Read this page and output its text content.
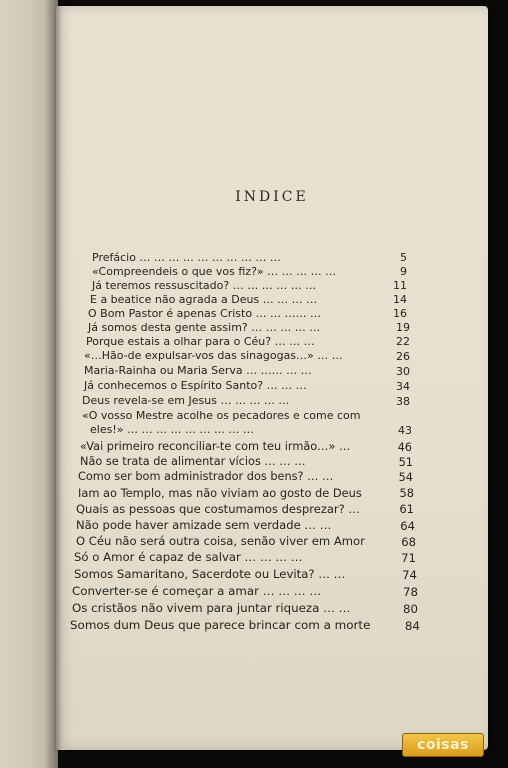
INDICE
Prefácio … … … … … … … … … …	5
«Compreendeis o que vos fiz?» … … … … …	9
Já teremos ressuscitado? … … … … … …	11
E a beatice não agrada a Deus … … … …	14
O Bom Pastor é apenas Cristo … … …… …	16
Já somos desta gente assim? … … … … …	19
Porque estais a olhar para o Céu? … … …	22
«…Hão-de expulsar-vos das sinagogas…» … …	26
Maria-Rainha ou Maria Serva … …… … …	30
Já conhecemos o Espírito Santo? … … …	34
Deus revela-se em Jesus … … … … …	38
«O vosso Mestre acolhe os pecadores e come com
eles!» … … … … … … … … …	43
«Vai primeiro reconciliar-te com teu irmão…» …	46
Não se trata de alimentar vícios … … …	51
Como ser bom administrador dos bens? … …	54
Iam ao Templo, mas não viviam ao gosto de Deus	58
Quais as pessoas que costumamos desprezar? …	61
Não pode haver amizade sem verdade … …	64
O Céu não será outra coisa, senão viver em Amor	68
Só o Amor é capaz de salvar … … … …	71
Somos Samaritano, Sacerdote ou Levita? … …	74
Converter-se é começar a amar … … … …	78
Os cristãos não vivem para juntar riqueza … …	80
Somos dum Deus que parece brincar com a morte	84
coisas
